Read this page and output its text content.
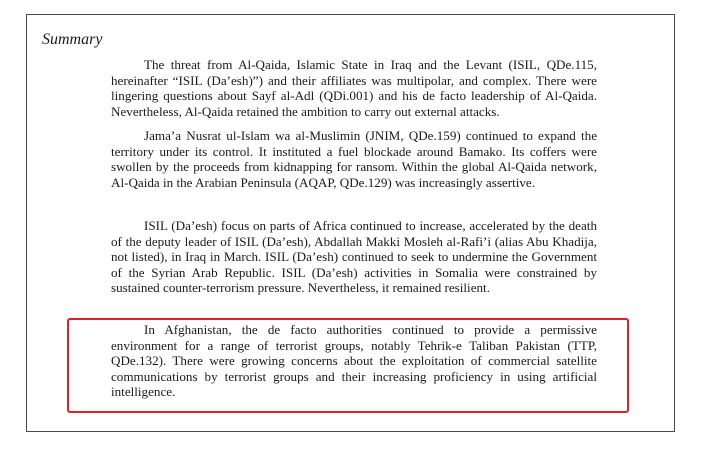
Summary

The threat from Al-Qaida, Islamic State in Iraq and the Levant (ISIL, QDe.115, hereinafter “ISIL (Da’esh)”) and their affiliates was multipolar, and complex. There were lingering questions about Sayf al-Adl (QDi.001) and his de facto leadership of Al-Qaida. Nevertheless, Al-Qaida retained the ambition to carry out external attacks.

Jama’a Nusrat ul-Islam wa al-Muslimin (JNIM, QDe.159) continued to expand the territory under its control. It instituted a fuel blockade around Bamako. Its coffers were swollen by the proceeds from kidnapping for ransom. Within the global Al-Qaida network, Al-Qaida in the Arabian Peninsula (AQAP, QDe.129) was increasingly assertive.

ISIL (Da’esh) focus on parts of Africa continued to increase, accelerated by the death of the deputy leader of ISIL (Da’esh), Abdallah Makki Mosleh al-Rafi’i (alias Abu Khadija, not listed), in Iraq in March. ISIL (Da’esh) continued to seek to undermine the Government of the Syrian Arab Republic. ISIL (Da’esh) activities in Somalia were constrained by sustained counter-terrorism pressure. Nevertheless, it remained resilient.

In Afghanistan, the de facto authorities continued to provide a permissive environment for a range of terrorist groups, notably Tehrik-e Taliban Pakistan (TTP, QDe.132). There were growing concerns about the exploitation of commercial satellite communications by terrorist groups and their increasing proficiency in using artificial intelligence.
